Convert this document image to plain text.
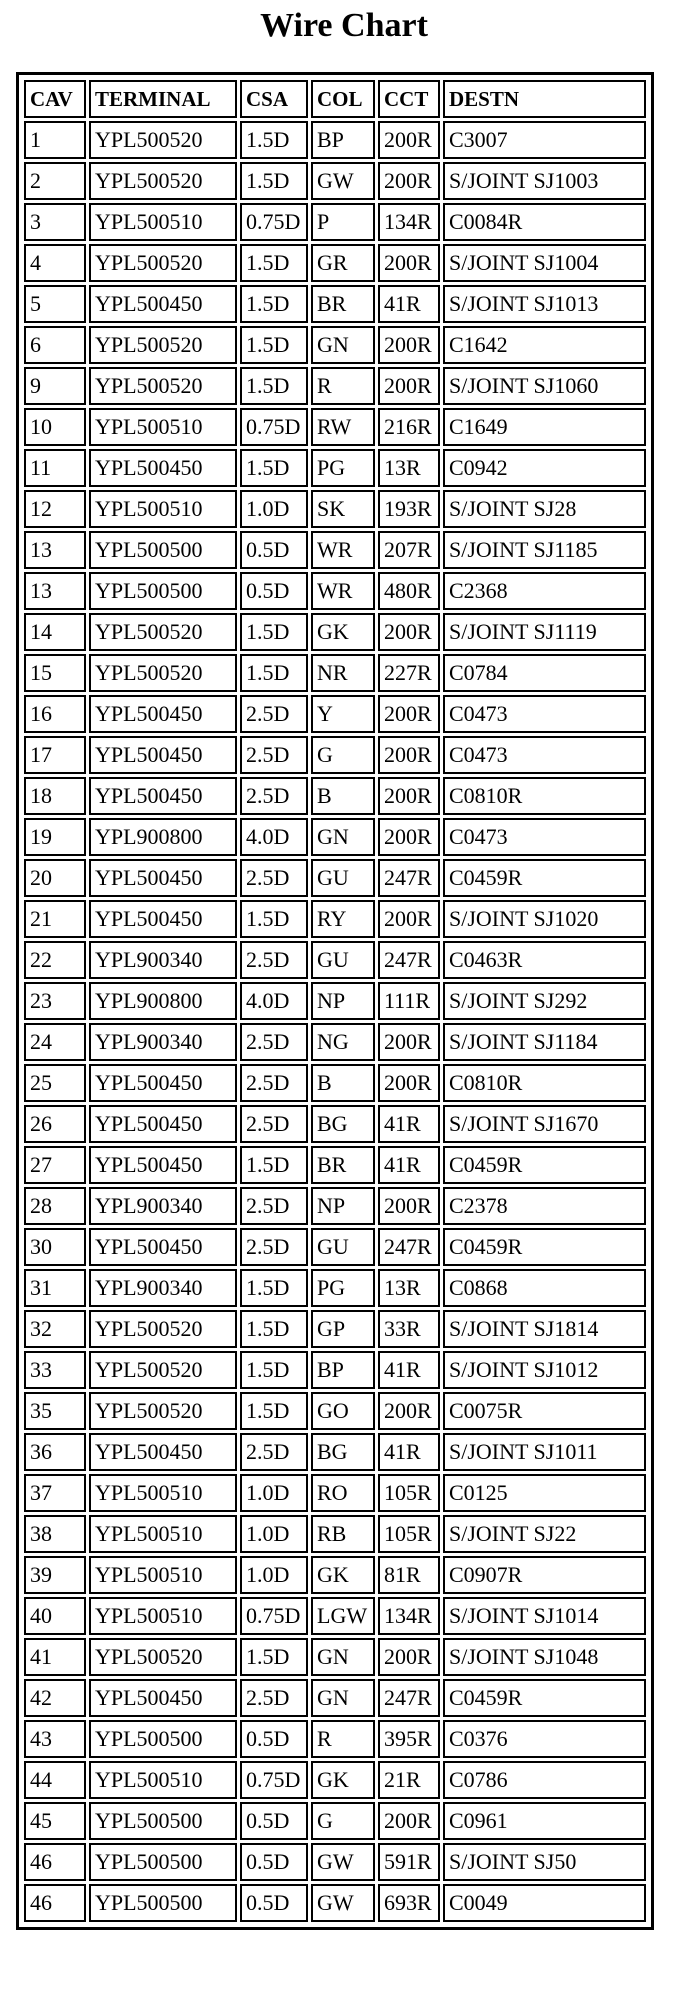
Wire Chart
CAV	TERMINAL	CSA	COL	CCT	DESTN
1	YPL500520	1.5D	BP	200R	C3007
2	YPL500520	1.5D	GW	200R	S/JOINT SJ1003
3	YPL500510	0.75D	P	134R	C0084R
4	YPL500520	1.5D	GR	200R	S/JOINT SJ1004
5	YPL500450	1.5D	BR	41R	S/JOINT SJ1013
6	YPL500520	1.5D	GN	200R	C1642
9	YPL500520	1.5D	R	200R	S/JOINT SJ1060
10	YPL500510	0.75D	RW	216R	C1649
11	YPL500450	1.5D	PG	13R	C0942
12	YPL500510	1.0D	SK	193R	S/JOINT SJ28
13	YPL500500	0.5D	WR	207R	S/JOINT SJ1185
13	YPL500500	0.5D	WR	480R	C2368
14	YPL500520	1.5D	GK	200R	S/JOINT SJ1119
15	YPL500520	1.5D	NR	227R	C0784
16	YPL500450	2.5D	Y	200R	C0473
17	YPL500450	2.5D	G	200R	C0473
18	YPL500450	2.5D	B	200R	C0810R
19	YPL900800	4.0D	GN	200R	C0473
20	YPL500450	2.5D	GU	247R	C0459R
21	YPL500450	1.5D	RY	200R	S/JOINT SJ1020
22	YPL900340	2.5D	GU	247R	C0463R
23	YPL900800	4.0D	NP	111R	S/JOINT SJ292
24	YPL900340	2.5D	NG	200R	S/JOINT SJ1184
25	YPL500450	2.5D	B	200R	C0810R
26	YPL500450	2.5D	BG	41R	S/JOINT SJ1670
27	YPL500450	1.5D	BR	41R	C0459R
28	YPL900340	2.5D	NP	200R	C2378
30	YPL500450	2.5D	GU	247R	C0459R
31	YPL900340	1.5D	PG	13R	C0868
32	YPL500520	1.5D	GP	33R	S/JOINT SJ1814
33	YPL500520	1.5D	BP	41R	S/JOINT SJ1012
35	YPL500520	1.5D	GO	200R	C0075R
36	YPL500450	2.5D	BG	41R	S/JOINT SJ1011
37	YPL500510	1.0D	RO	105R	C0125
38	YPL500510	1.0D	RB	105R	S/JOINT SJ22
39	YPL500510	1.0D	GK	81R	C0907R
40	YPL500510	0.75D	LGW	134R	S/JOINT SJ1014
41	YPL500520	1.5D	GN	200R	S/JOINT SJ1048
42	YPL500450	2.5D	GN	247R	C0459R
43	YPL500500	0.5D	R	395R	C0376
44	YPL500510	0.75D	GK	21R	C0786
45	YPL500500	0.5D	G	200R	C0961
46	YPL500500	0.5D	GW	591R	S/JOINT SJ50
46	YPL500500	0.5D	GW	693R	C0049
